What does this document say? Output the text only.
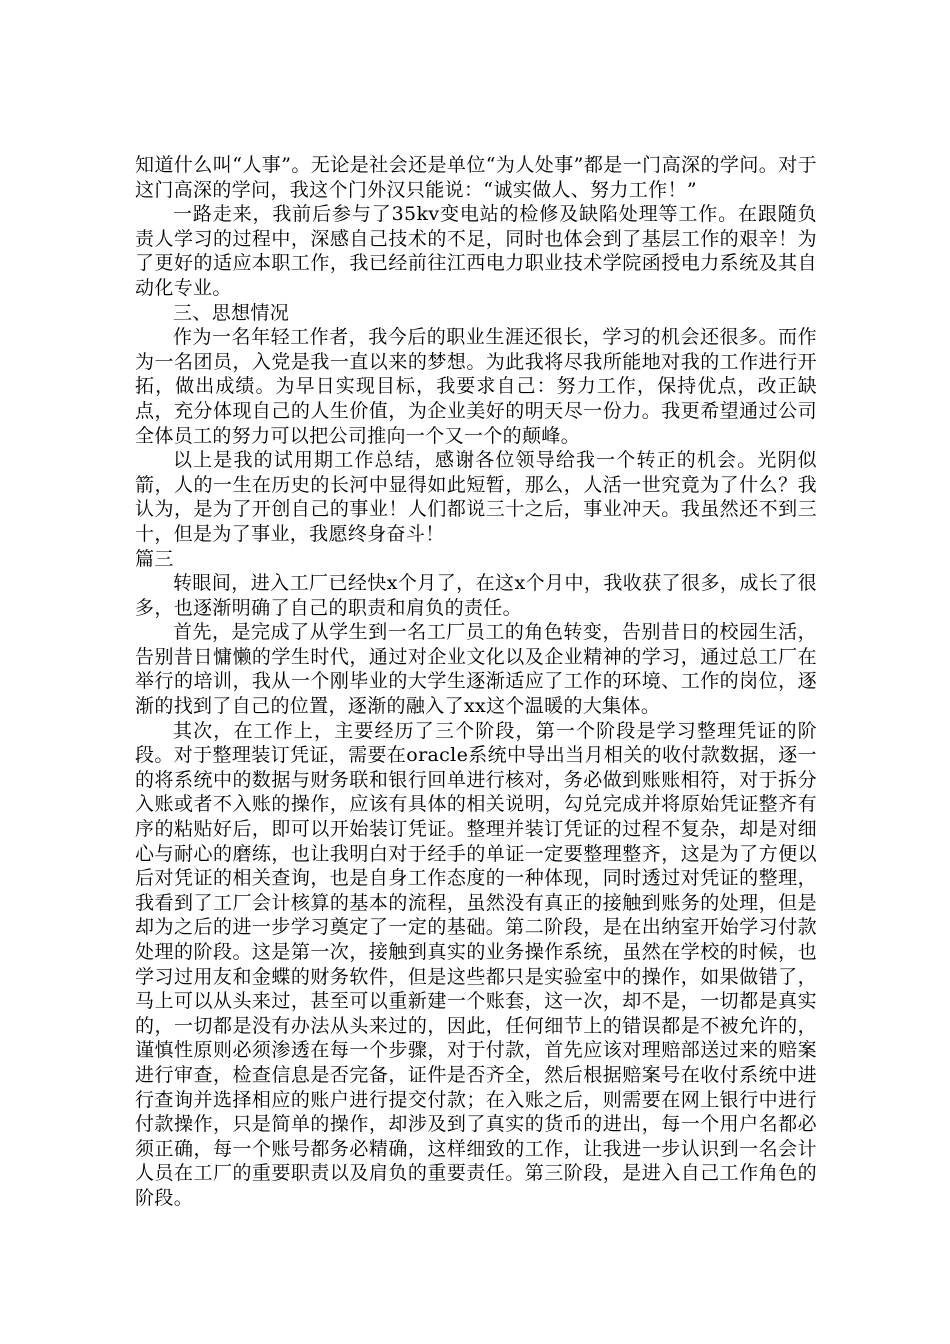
知道什么叫“人事”。无论是社会还是单位“为人处事”都是一门高深的学问。对于这门高深的学问，我这个门外汉只能说：“诚实做人、努力工作！”

一路走来，我前后参与了35kv变电站的检修及缺陷处理等工作。在跟随负责人学习的过程中，深感自己技术的不足，同时也体会到了基层工作的艰辛！为了更好的适应本职工作，我已经前往江西电力职业技术学院函授电力系统及其自动化专业。

三、思想情况

作为一名年轻工作者，我今后的职业生涯还很长，学习的机会还很多。而作为一名团员，入党是我一直以来的梦想。为此我将尽我所能地对我的工作进行开拓，做出成绩。为早日实现目标，我要求自己：努力工作，保持优点，改正缺点，充分体现自己的人生价值，为企业美好的明天尽一份力。我更希望通过公司全体员工的努力可以把公司推向一个又一个的颠峰。

以上是我的试用期工作总结，感谢各位领导给我一个转正的机会。光阴似箭，人的一生在历史的长河中显得如此短暂，那么，人活一世究竟为了什么？我认为，是为了开创自己的事业！人们都说三十之后，事业冲天。我虽然还不到三十，但是为了事业，我愿终身奋斗！

篇三

转眼间，进入工厂已经快x个月了，在这x个月中，我收获了很多，成长了很多，也逐渐明确了自己的职责和肩负的责任。

首先，是完成了从学生到一名工厂员工的角色转变，告别昔日的校园生活，告别昔日慵懒的学生时代，通过对企业文化以及企业精神的学习，通过总工厂在举行的培训，我从一个刚毕业的大学生逐渐适应了工作的环境、工作的岗位，逐渐的找到了自己的位置，逐渐的融入了xx这个温暖的大集体。

其次，在工作上，主要经历了三个阶段，第一个阶段是学习整理凭证的阶段。对于整理装订凭证，需要在oracle系统中导出当月相关的收付款数据，逐一的将系统中的数据与财务联和银行回单进行核对，务必做到账账相符，对于拆分入账或者不入账的操作，应该有具体的相关说明，勾兑完成并将原始凭证整齐有序的粘贴好后，即可以开始装订凭证。整理并装订凭证的过程不复杂，却是对细心与耐心的磨练，也让我明白对于经手的单证一定要整理整齐，这是为了方便以后对凭证的相关查询，也是自身工作态度的一种体现，同时透过对凭证的整理，我看到了工厂会计核算的基本的流程，虽然没有真正的接触到账务的处理，但是却为之后的进一步学习奠定了一定的基础。第二阶段，是在出纳室开始学习付款处理的阶段。这是第一次，接触到真实的业务操作系统，虽然在学校的时候，也学习过用友和金蝶的财务软件，但是这些都只是实验室中的操作，如果做错了，马上可以从头来过，甚至可以重新建一个账套，这一次，却不是，一切都是真实的，一切都是没有办法从头来过的，因此，任何细节上的错误都是不被允许的，谨慎性原则必须渗透在每一个步骤，对于付款，首先应该对理赔部送过来的赔案进行审查，检查信息是否完备，证件是否齐全，然后根据赔案号在收付系统中进行查询并选择相应的账户进行提交付款；在入账之后，则需要在网上银行中进行付款操作，只是简单的操作，却涉及到了真实的货币的进出，每一个用户名都必须正确，每一个账号都务必精确，这样细致的工作，让我进一步认识到一名会计人员在工厂的重要职责以及肩负的重要责任。第三阶段，是进入自己工作角色的阶段。
